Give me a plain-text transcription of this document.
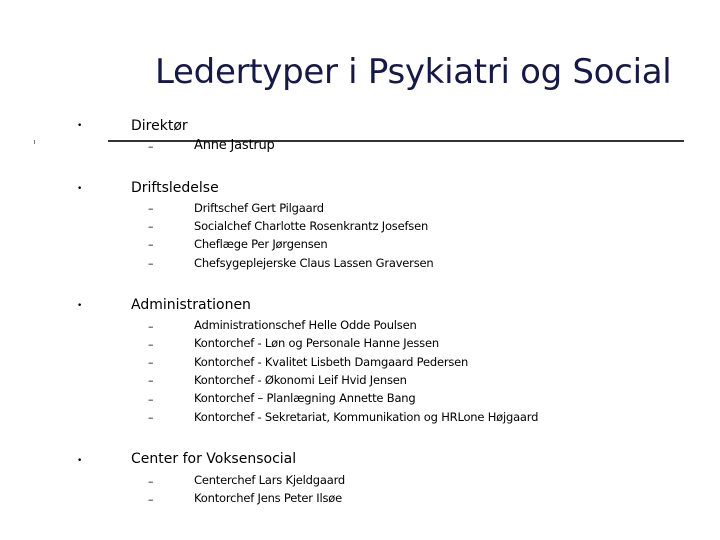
Ledertyper i Psykiatri og Social
•	Direktør
–	Anne Jastrup
•	Driftsledelse
–	Driftschef Gert Pilgaard
–	Socialchef Charlotte Rosenkrantz Josefsen
–	Cheflæge Per Jørgensen
–	Chefsygeplejerske Claus Lassen Graversen
•	Administrationen
–	Administrationschef Helle Odde Poulsen
–	Kontorchef - Løn og Personale Hanne Jessen
–	Kontorchef - Kvalitet Lisbeth Damgaard Pedersen
–	Kontorchef - Økonomi Leif Hvid Jensen
–	Kontorchef – Planlægning Annette Bang
–	Kontorchef - Sekretariat, Kommunikation og HRLone Højgaard
•	Center for Voksensocial
–	Centerchef Lars Kjeldgaard
–	Kontorchef Jens Peter Ilsøe
